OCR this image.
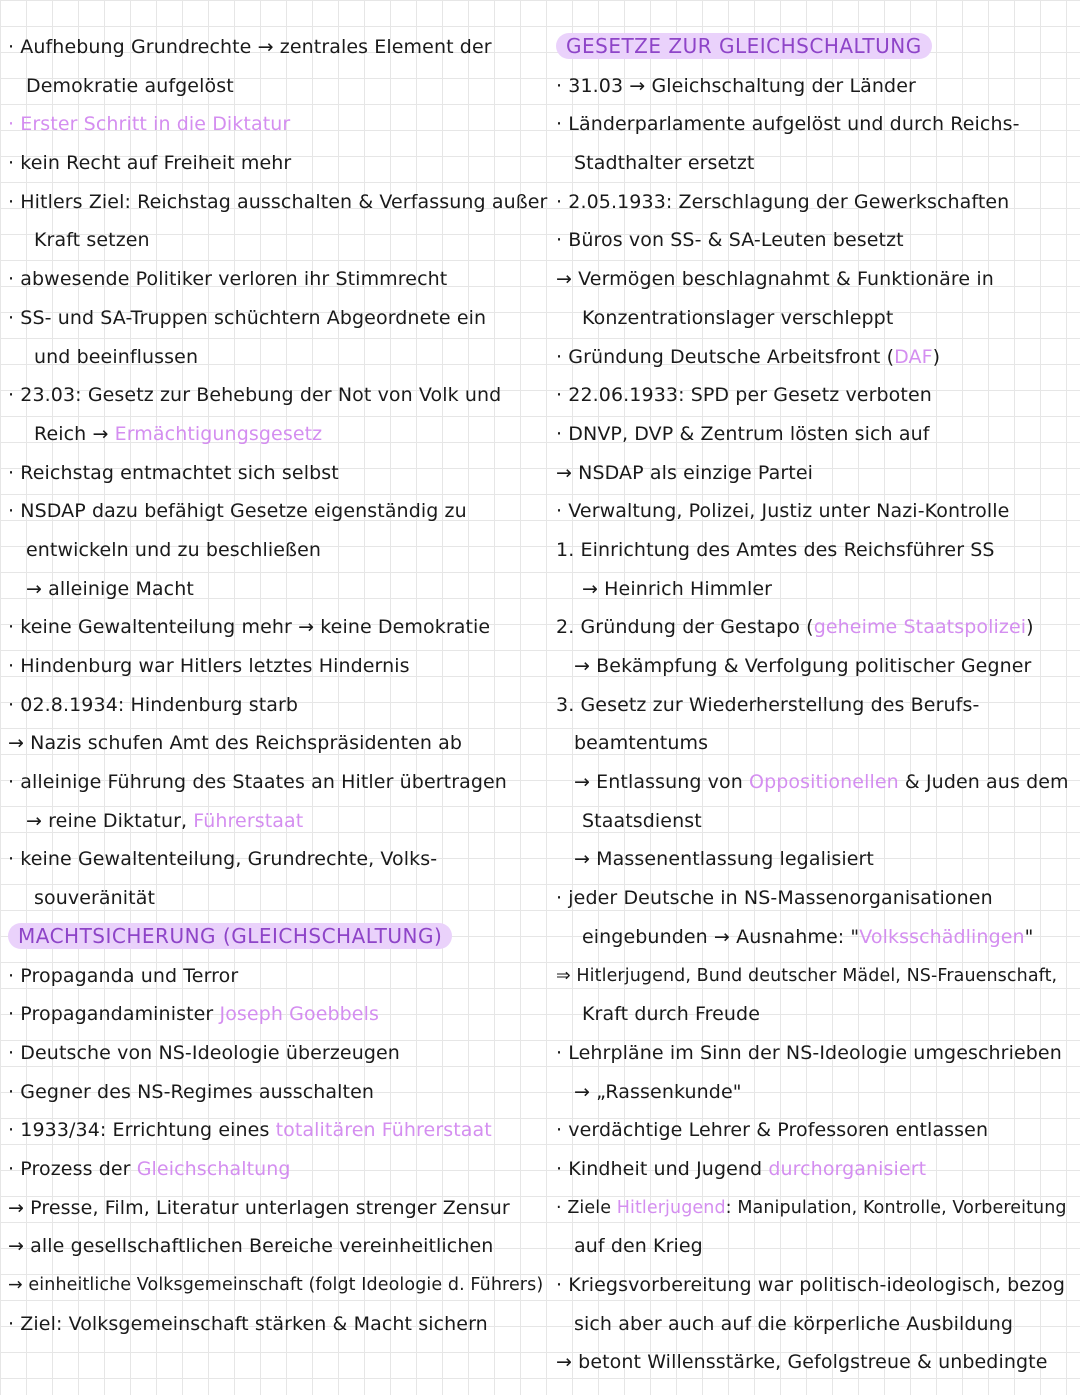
· Aufhebung Grundrechte → zentrales Element der
Demokratie aufgelöst
· Erster Schritt in die Diktatur
· kein Recht auf Freiheit mehr
· Hitlers Ziel: Reichstag ausschalten & Verfassung außer
Kraft setzen
· abwesende Politiker verloren ihr Stimmrecht
· SS- und SA-Truppen schüchtern Abgeordnete ein
und beeinflussen
· 23.03: Gesetz zur Behebung der Not von Volk und
Reich → Ermächtigungsgesetz
· Reichstag entmachtet sich selbst
· NSDAP dazu befähigt Gesetze eigenständig zu
entwickeln und zu beschließen
→ alleinige Macht
· keine Gewaltenteilung mehr → keine Demokratie
· Hindenburg war Hitlers letztes Hindernis
· 02.8.1934: Hindenburg starb
→ Nazis schufen Amt des Reichspräsidenten ab
· alleinige Führung des Staates an Hitler übertragen
→ reine Diktatur, Führerstaat
· keine Gewaltenteilung, Grundrechte, Volks-
souveränität
MACHTSICHERUNG (GLEICHSCHALTUNG)
· Propaganda und Terror
· Propagandaminister Joseph Goebbels
· Deutsche von NS-Ideologie überzeugen
· Gegner des NS-Regimes ausschalten
· 1933/34: Errichtung eines totalitären Führerstaat
· Prozess der Gleichschaltung
→ Presse, Film, Literatur unterlagen strenger Zensur
→ alle gesellschaftlichen Bereiche vereinheitlichen
→ einheitliche Volksgemeinschaft (folgt Ideologie d. Führers)
· Ziel: Volksgemeinschaft stärken & Macht sichern
GESETZE ZUR GLEICHSCHALTUNG
· 31.03 → Gleichschaltung der Länder
· Länderparlamente aufgelöst und durch Reichs-
Stadthalter ersetzt
· 2.05.1933: Zerschlagung der Gewerkschaften
· Büros von SS- & SA-Leuten besetzt
→ Vermögen beschlagnahmt & Funktionäre in
Konzentrationslager verschleppt
· Gründung Deutsche Arbeitsfront (DAF)
· 22.06.1933: SPD per Gesetz verboten
· DNVP, DVP & Zentrum lösten sich auf
→ NSDAP als einzige Partei
· Verwaltung, Polizei, Justiz unter Nazi-Kontrolle
1. Einrichtung des Amtes des Reichsführer SS
→ Heinrich Himmler
2. Gründung der Gestapo (geheime Staatspolizei)
→ Bekämpfung & Verfolgung politischer Gegner
3. Gesetz zur Wiederherstellung des Berufs-
beamtentums
→ Entlassung von Oppositionellen & Juden aus dem
Staatsdienst
→ Massenentlassung legalisiert
· jeder Deutsche in NS-Massenorganisationen
eingebunden → Ausnahme: "Volksschädlingen"
⇒ Hitlerjugend, Bund deutscher Mädel, NS-Frauenschaft,
Kraft durch Freude
· Lehrpläne im Sinn der NS-Ideologie umgeschrieben
→ „Rassenkunde"
· verdächtige Lehrer & Professoren entlassen
· Kindheit und Jugend durchorganisiert
· Ziele Hitlerjugend: Manipulation, Kontrolle, Vorbereitung
auf den Krieg
· Kriegsvorbereitung war politisch-ideologisch, bezog
sich aber auch auf die körperliche Ausbildung
→ betont Willensstärke, Gefolgstreue & unbedingte
